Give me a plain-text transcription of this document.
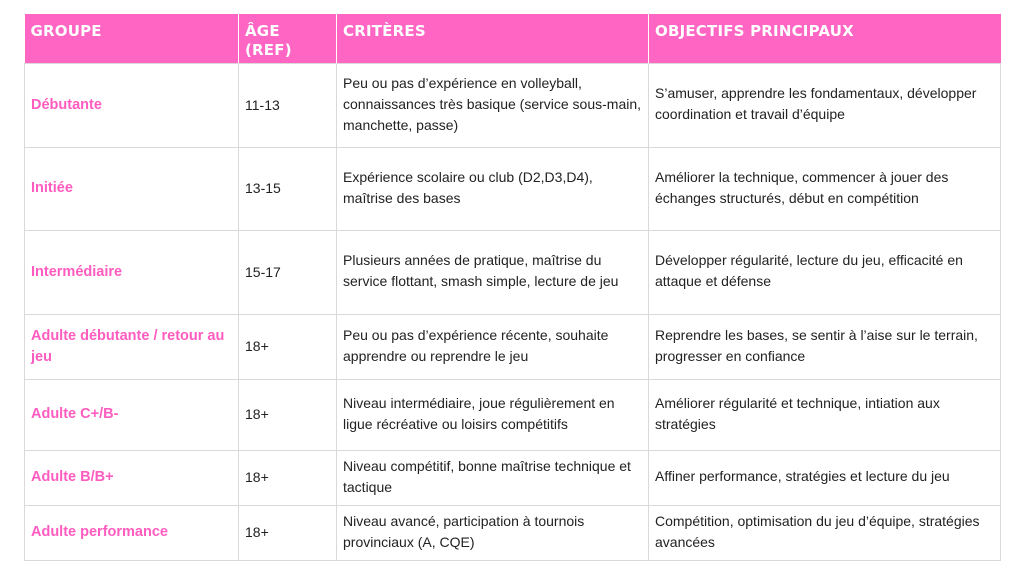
GROUPE	ÂGE (REF)	CRITÈRES	OBJECTIFS PRINCIPAUX
Débutante	11-13	Peu ou pas d’expérience en volleyball, connaissances très basique (service sous-main, manchette, passe)	S’amuser, apprendre les fondamentaux, développer coordination et travail d’équipe
Initiée	13-15	Expérience scolaire ou club (D2,D3,D4), maîtrise des bases	Améliorer la technique, commencer à jouer des échanges structurés, début en compétition
Intermédiaire	15-17	Plusieurs années de pratique, maîtrise du service flottant, smash simple, lecture de jeu	Développer régularité, lecture du jeu, efficacité en attaque et défense
Adulte débutante / retour au jeu	18+	Peu ou pas d’expérience récente, souhaite apprendre ou reprendre le jeu	Reprendre les bases, se sentir à l’aise sur le terrain, progresser en confiance
Adulte C+/B-	18+	Niveau intermédiaire, joue régulièrement en ligue récréative ou loisirs compétitifs	Améliorer régularité et technique, intiation aux stratégies
Adulte B/B+	18+	Niveau compétitif, bonne maîtrise technique et tactique	Affiner performance, stratégies et lecture du jeu
Adulte performance	18+	Niveau avancé, participation à tournois provinciaux (A, CQE)	Compétition, optimisation du jeu d’équipe, stratégies avancées
